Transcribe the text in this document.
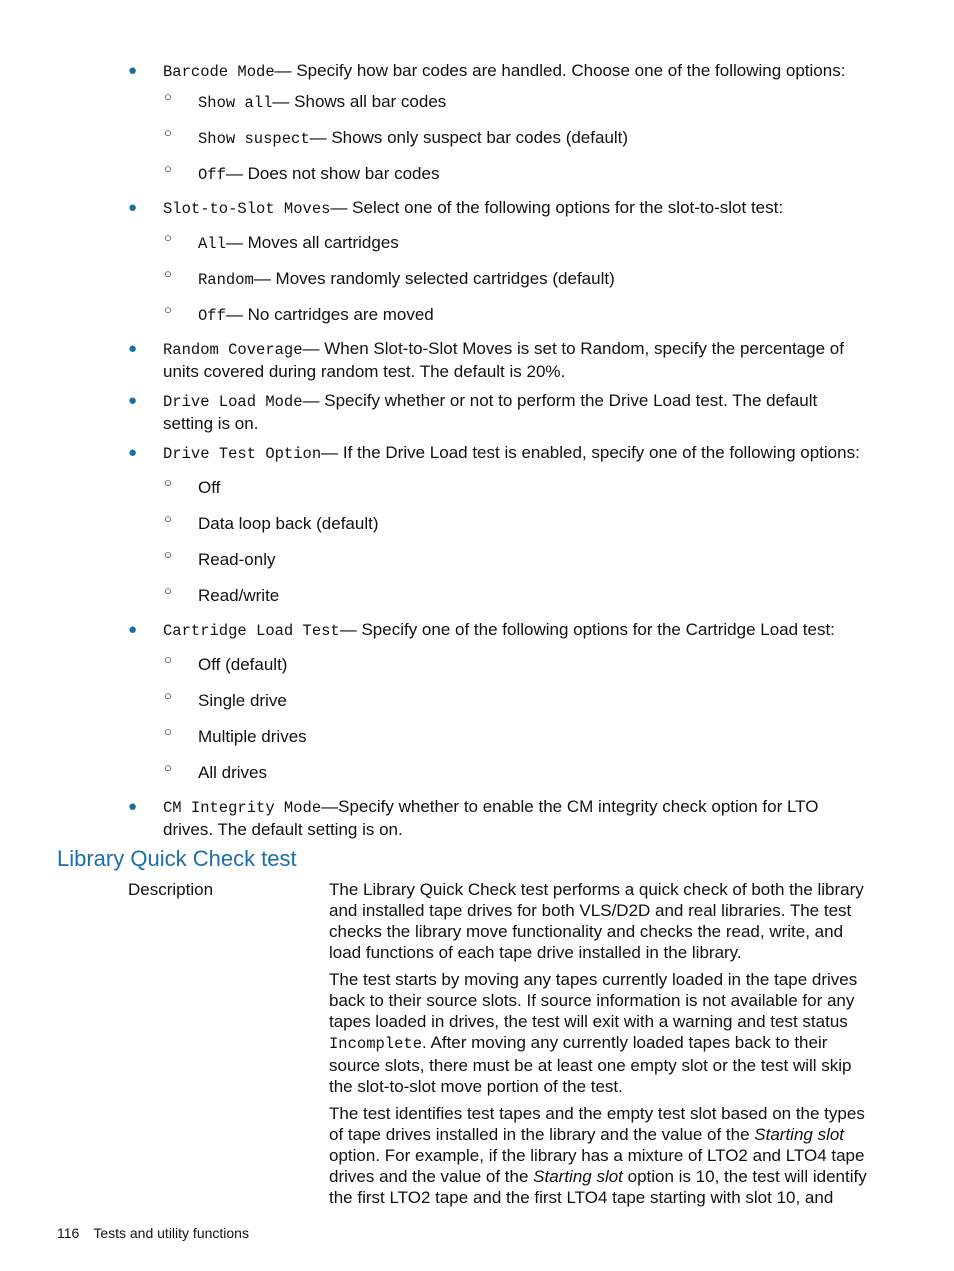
● Barcode Mode— Specify how bar codes are handled. Choose one of the following options:
○ Show all— Shows all bar codes
○ Show suspect— Shows only suspect bar codes (default)
○ Off— Does not show bar codes
● Slot-to-Slot Moves— Select one of the following options for the slot-to-slot test:
○ All— Moves all cartridges
○ Random— Moves randomly selected cartridges (default)
○ Off— No cartridges are moved
● Random Coverage— When Slot-to-Slot Moves is set to Random, specify the percentage of units covered during random test. The default is 20%.
● Drive Load Mode— Specify whether or not to perform the Drive Load test. The default setting is on.
● Drive Test Option— If the Drive Load test is enabled, specify one of the following options:
○ Off
○ Data loop back (default)
○ Read-only
○ Read/write
● Cartridge Load Test— Specify one of the following options for the Cartridge Load test:
○ Off (default)
○ Single drive
○ Multiple drives
○ All drives
● CM Integrity Mode—Specify whether to enable the CM integrity check option for LTO drives. The default setting is on.
Library Quick Check test
Description	The Library Quick Check test performs a quick check of both the library and installed tape drives for both VLS/D2D and real libraries. The test checks the library move functionality and checks the read, write, and load functions of each tape drive installed in the library.

The test starts by moving any tapes currently loaded in the tape drives back to their source slots. If source information is not available for any tapes loaded in drives, the test will exit with a warning and test status Incomplete. After moving any currently loaded tapes back to their source slots, there must be at least one empty slot or the test will skip the slot-to-slot move portion of the test.

The test identifies test tapes and the empty test slot based on the types of tape drives installed in the library and the value of the Starting slot option. For example, if the library has a mixture of LTO2 and LTO4 tape drives and the value of the Starting slot option is 10, the test will identify the first LTO2 tape and the first LTO4 tape starting with slot 10, and

116 Tests and utility functions
